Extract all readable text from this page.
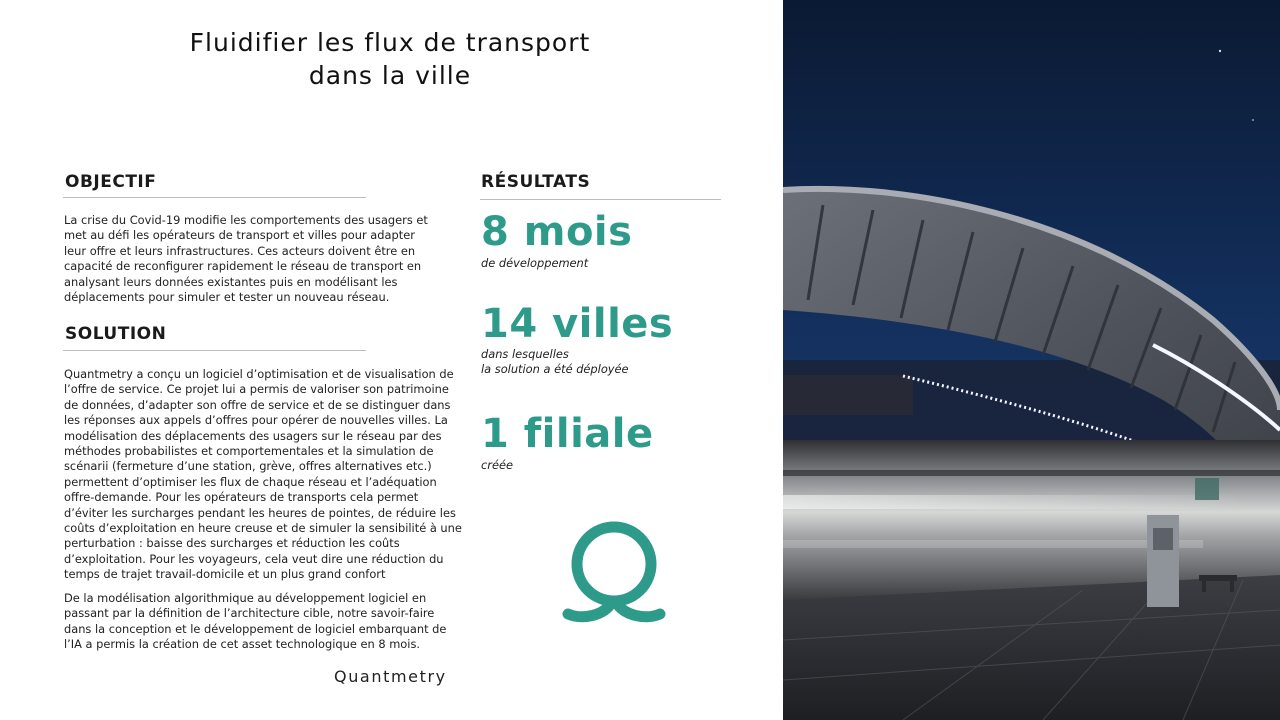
Fluidifier les flux de transport
dans la ville
OBJECTIF

La crise du Covid-19 modifie les comportements des usagers et met au défi les opérateurs de transport et villes pour adapter leur offre et leurs infrastructures. Ces acteurs doivent être en capacité de reconfigurer rapidement le réseau de transport en analysant leurs données existantes puis en modélisant les déplacements pour simuler et tester un nouveau réseau.

SOLUTION

Quantmetry a conçu un logiciel d’optimisation et de visualisation de l’offre de service. Ce projet lui a permis de valoriser son patrimoine de données, d’adapter son offre de service et de se distinguer dans les réponses aux appels d’offres pour opérer de nouvelles villes. La modélisation des déplacements des usagers sur le réseau par des méthodes probabilistes et comportementales et la simulation de scénarii (fermeture d’une station, grève, offres alternatives etc.) permettent d’optimiser les flux de chaque réseau et l’adéquation offre-demande. Pour les opérateurs de transports cela permet d’éviter les surcharges pendant les heures de pointes, de réduire les coûts d’exploitation en heure creuse et de simuler la sensibilité à une perturbation : baisse des surcharges et réduction les coûts d’exploitation. Pour les voyageurs, cela veut dire une réduction du temps de trajet travail-domicile et un plus grand confort

De la modélisation algorithmique au développement logiciel en passant par la définition de l’architecture cible, notre savoir-faire dans la conception et le développement de logiciel embarquant de l’IA a permis la création de cet asset technologique en 8 mois.

RÉSULTATS

8 mois

de développement

14 villes

dans lesquelles
la solution a été déployée

1 filiale

créée

Quantmetry
